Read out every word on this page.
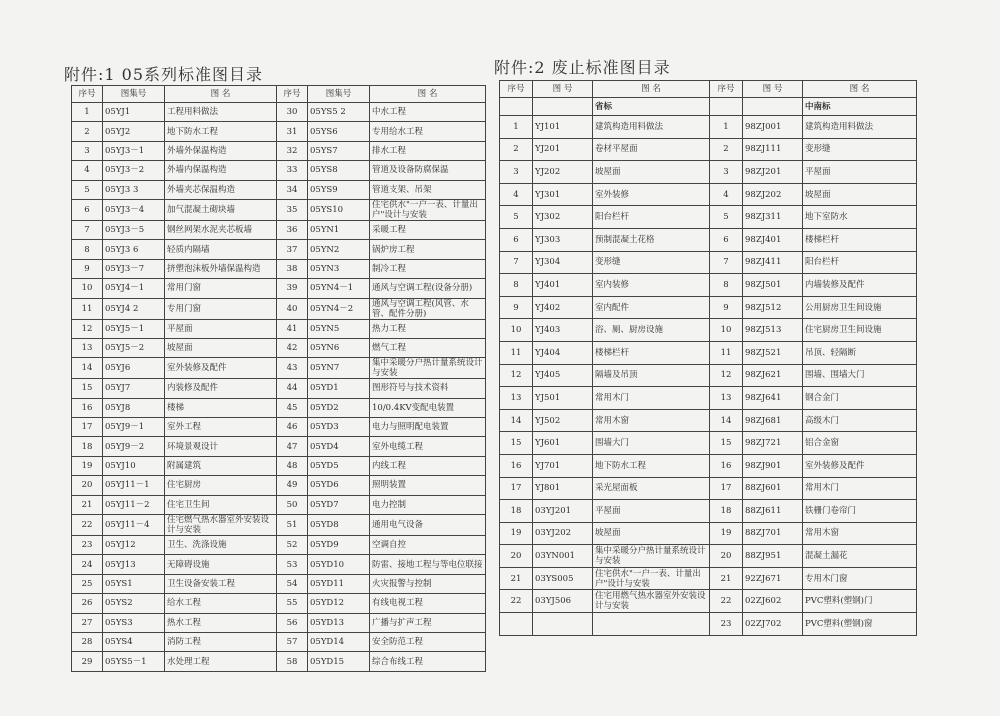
附件:1 05系列标准图目录	附件:2 废止标准图目录
序号	图集号	图 名	序号	图集号	图 名
1	05YJ1	工程用料做法	30	05YS5 2	中水工程
2	05YJ2	地下防水工程	31	05YS6	专用给水工程
3	05YJ3－1	外墙外保温构造	32	05YS7	排水工程
4	05YJ3－2	外墙内保温构造	33	05YS8	管道及设备防腐保温
5	05YJ3 3	外墙夹芯保温构造	34	05YS9	管道支架、吊架
6	05YJ3－4	加气混凝土砌块墙	35	05YS10	住宅供水"一户一表、计量出户"设计与安装
7	05YJ3－5	钢丝网架水泥夹芯板墙	36	05YN1	采暖工程
8	05YJ3 6	轻质内隔墙	37	05YN2	锅炉房工程
9	05YJ3－7	挤塑泡沫板外墙保温构造	38	05YN3	制冷工程
10	05YJ4－1	常用门窗	39	05YN4－1	通风与空调工程(设备分册)
11	05YJ4 2	专用门窗	40	05YN4－2	通风与空调工程(风管、水管、配件分册)
12	05YJ5－1	平屋面	41	05YN5	热力工程
13	05YJ5－2	坡屋面	42	05YN6	燃气工程
14	05YJ6	室外装修及配件	43	05YN7	集中采暖分户热计量系统设计与安装
15	05YJ7	内装修及配件	44	05YD1	图形符号与技术资料
16	05YJ8	楼梯	45	05YD2	10/0.4KV变配电装置
17	05YJ9－1	室外工程	46	05YD3	电力与照明配电装置
18	05YJ9－2	环境景观设计	47	05YD4	室外电缆工程
19	05YJ10	附属建筑	48	05YD5	内线工程
20	05YJ11－1	住宅厨房	49	05YD6	照明装置
21	05YJ11－2	住宅卫生间	50	05YD7	电力控制
22	05YJ11－4	住宅燃气热水器室外安装设计与安装	51	05YD8	通用电气设备
23	05YJ12	卫生、洗涤设施	52	05YD9	空调自控
24	05YJ13	无障碍设施	53	05YD10	防雷、接地工程与等电位联接
25	05YS1	卫生设备安装工程	54	05YD11	火灾报警与控制
26	05YS2	给水工程	55	05YD12	有线电视工程
27	05YS3	热水工程	56	05YD13	广播与扩声工程
28	05YS4	消防工程	57	05YD14	安全防范工程
29	05YS5－1	水处理工程	58	05YD15	综合布线工程
序号	图 号	图 名	序号	图 号	图 名
		省标			中南标
1	YJ101	建筑构造用料做法	1	98ZJ001	建筑构造用料做法
2	YJ201	卷材平屋面	2	98ZJ111	变形缝
3	YJ202	坡屋面	3	98ZJ201	平屋面
4	YJ301	室外装修	4	98ZJ202	坡屋面
5	YJ302	阳台栏杆	5	98ZJ311	地下室防水
6	YJ303	预制混凝土花格	6	98ZJ401	楼梯栏杆
7	YJ304	变形缝	7	98ZJ411	阳台栏杆
8	YJ401	室内装修	8	98ZJ501	内墙装修及配件
9	YJ402	室内配件	9	98ZJ512	公用厨房卫生间设施
10	YJ403	浴、厕、厨房设施	10	98ZJ513	住宅厨房卫生间设施
11	YJ404	楼梯栏杆	11	98ZJ521	吊顶、轻隔断
12	YJ405	隔墙及吊顶	12	98ZJ621	围墙、围墙大门
13	YJ501	常用木门	13	98ZJ641	钢合金门
14	YJ502	常用木窗	14	98ZJ681	高级木门
15	YJ601	围墙大门	15	98ZJ721	铝合金窗
16	YJ701	地下防水工程	16	98ZJ901	室外装修及配件
17	YJ801	采光屋面板	17	88ZJ601	常用木门
18	03YJ201	平屋面	18	88ZJ611	铁栅门卷帘门
19	03YJ202	坡屋面	19	88ZJ701	常用木窗
20	03YN001	集中采暖分户热计量系统设计与安装	20	88ZJ951	混凝土漏花
21	03YS005	住宅供水"一户一表、计量出户"设计与安装	21	92ZJ671	专用木门窗
22	03YJ506	住宅用燃气热水器室外安装设计与安装	22	02ZJ602	PVC塑料(塑钢)门
			23	02ZJ702	PVC塑料(塑钢)窗
